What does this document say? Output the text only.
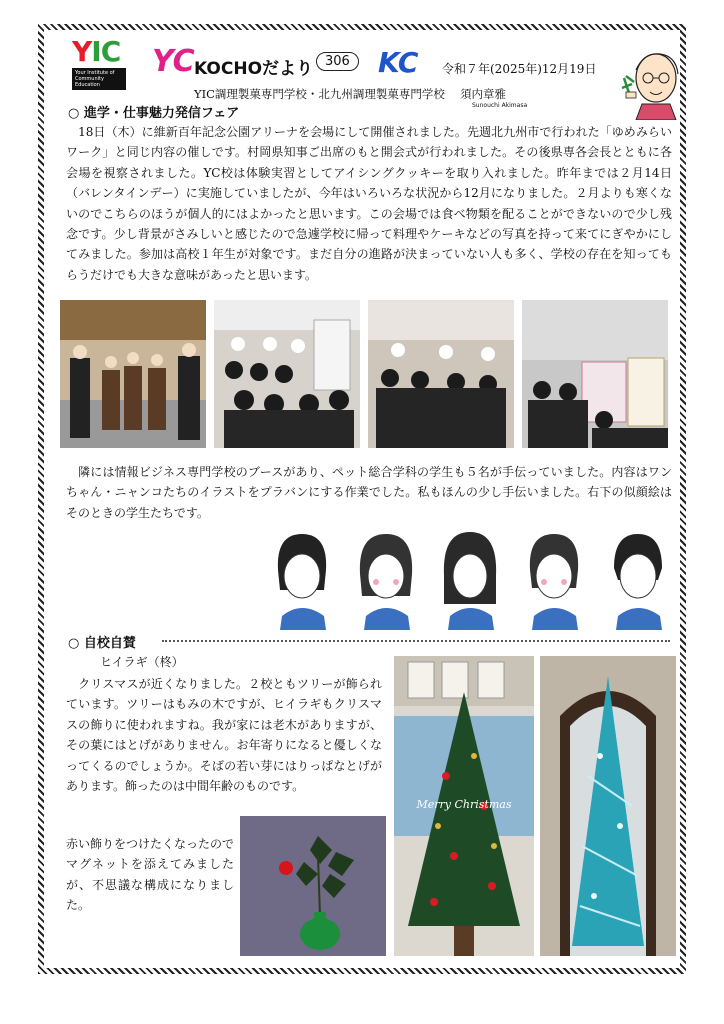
YIC
Your Institute of Community Education
YC KOCHOだより 306	KC 令和７年(2025年)12月19日
YIC調理製菓専門学校・北九州調理製菓専門学校 須内章雅
Sunouchi Akimasa
○ 進学・仕事魅力発信フェア
　18日（木）に維新百年記念公園アリーナを会場にして開催されました。先週北九州市で行われた「ゆめみらいワーク」と同じ内容の催しです。村岡県知事ご出席のもと開会式が行われました。その後県専各会長とともに各会場を視察されました。YC校は体験実習としてアイシングクッキーを取り入れました。昨年までは２月14日（バレンタインデー）に実施していましたが、今年はいろいろな状況から12月になりました。２月よりも寒くないのでこちらのほうが個人的にはよかったと思います。この会場では食べ物類を配ることができないので少し残念です。少し背景がさみしいと感じたので急遽学校に帰って料理やケーキなどの写真を持って来てにぎやかにしてみました。参加は高校１年生が対象です。まだ自分の進路が決まっていない人も多く、学校の存在を知ってもらうだけでも大きな意味があったと思います。
　隣には情報ビジネス専門学校のブースがあり、ペット総合学科の学生も５名が手伝っていました。内容はワンちゃん・ニャンコたちのイラストをプラバンにする作業でした。私もほんの少し手伝いました。右下の似顔絵はそのときの学生たちです。
○ 自校自賛
ヒイラギ（柊）
　クリスマスが近くなりました。２校ともツリーが飾られています。ツリーはもみの木ですが、ヒイラギもクリスマスの飾りに使われますね。我が家には老木がありますが、その葉にはとげがありません。お年寄りになると優しくなってくるのでしょうか。そばの若い芽にはりっぱなとげがあります。飾ったのは中間年齢のものです。
赤い飾りをつけたくなったのでマグネットを添えてみましたが、不思議な構成になりました。
Merry Christmas
